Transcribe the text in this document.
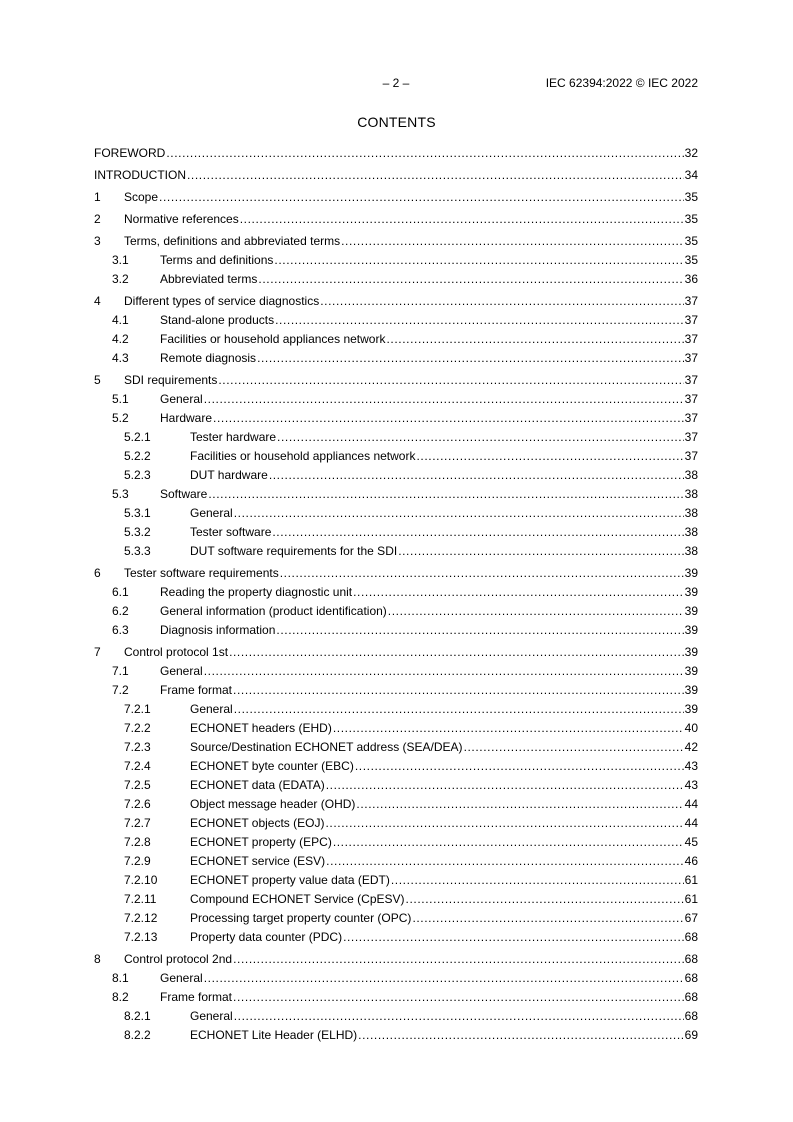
– 2 –	IEC 62394:2022 © IEC 2022
CONTENTS
FOREWORD .....	32
INTRODUCTION .....	34
1	Scope .....	35
2	Normative references .....	35
3	Terms, definitions and abbreviated terms .....	35
3.1	Terms and definitions .....	35
3.2	Abbreviated terms .....	36
4	Different types of service diagnostics .....	37
4.1	Stand-alone products .....	37
4.2	Facilities or household appliances network .....	37
4.3	Remote diagnosis .....	37
5	SDI requirements .....	37
5.1	General .....	37
5.2	Hardware .....	37
5.2.1	Tester hardware .....	37
5.2.2	Facilities or household appliances network .....	37
5.2.3	DUT hardware .....	38
5.3	Software .....	38
5.3.1	General .....	38
5.3.2	Tester software .....	38
5.3.3	DUT software requirements for the SDI .....	38
6	Tester software requirements .....	39
6.1	Reading the property diagnostic unit .....	39
6.2	General information (product identification) .....	39
6.3	Diagnosis information .....	39
7	Control protocol 1st .....	39
7.1	General .....	39
7.2	Frame format .....	39
7.2.1	General .....	39
7.2.2	ECHONET headers (EHD) .....	40
7.2.3	Source/Destination ECHONET address (SEA/DEA) .....	42
7.2.4	ECHONET byte counter (EBC) .....	43
7.2.5	ECHONET data (EDATA) .....	43
7.2.6	Object message header (OHD) .....	44
7.2.7	ECHONET objects (EOJ) .....	44
7.2.8	ECHONET property (EPC) .....	45
7.2.9	ECHONET service (ESV) .....	46
7.2.10	ECHONET property value data (EDT) .....	61
7.2.11	Compound ECHONET Service (CpESV) .....	61
7.2.12	Processing target property counter (OPC) .....	67
7.2.13	Property data counter (PDC) .....	68
8	Control protocol 2nd .....	68
8.1	General .....	68
8.2	Frame format .....	68
8.2.1	General .....	68
8.2.2	ECHONET Lite Header (ELHD) .....	69
